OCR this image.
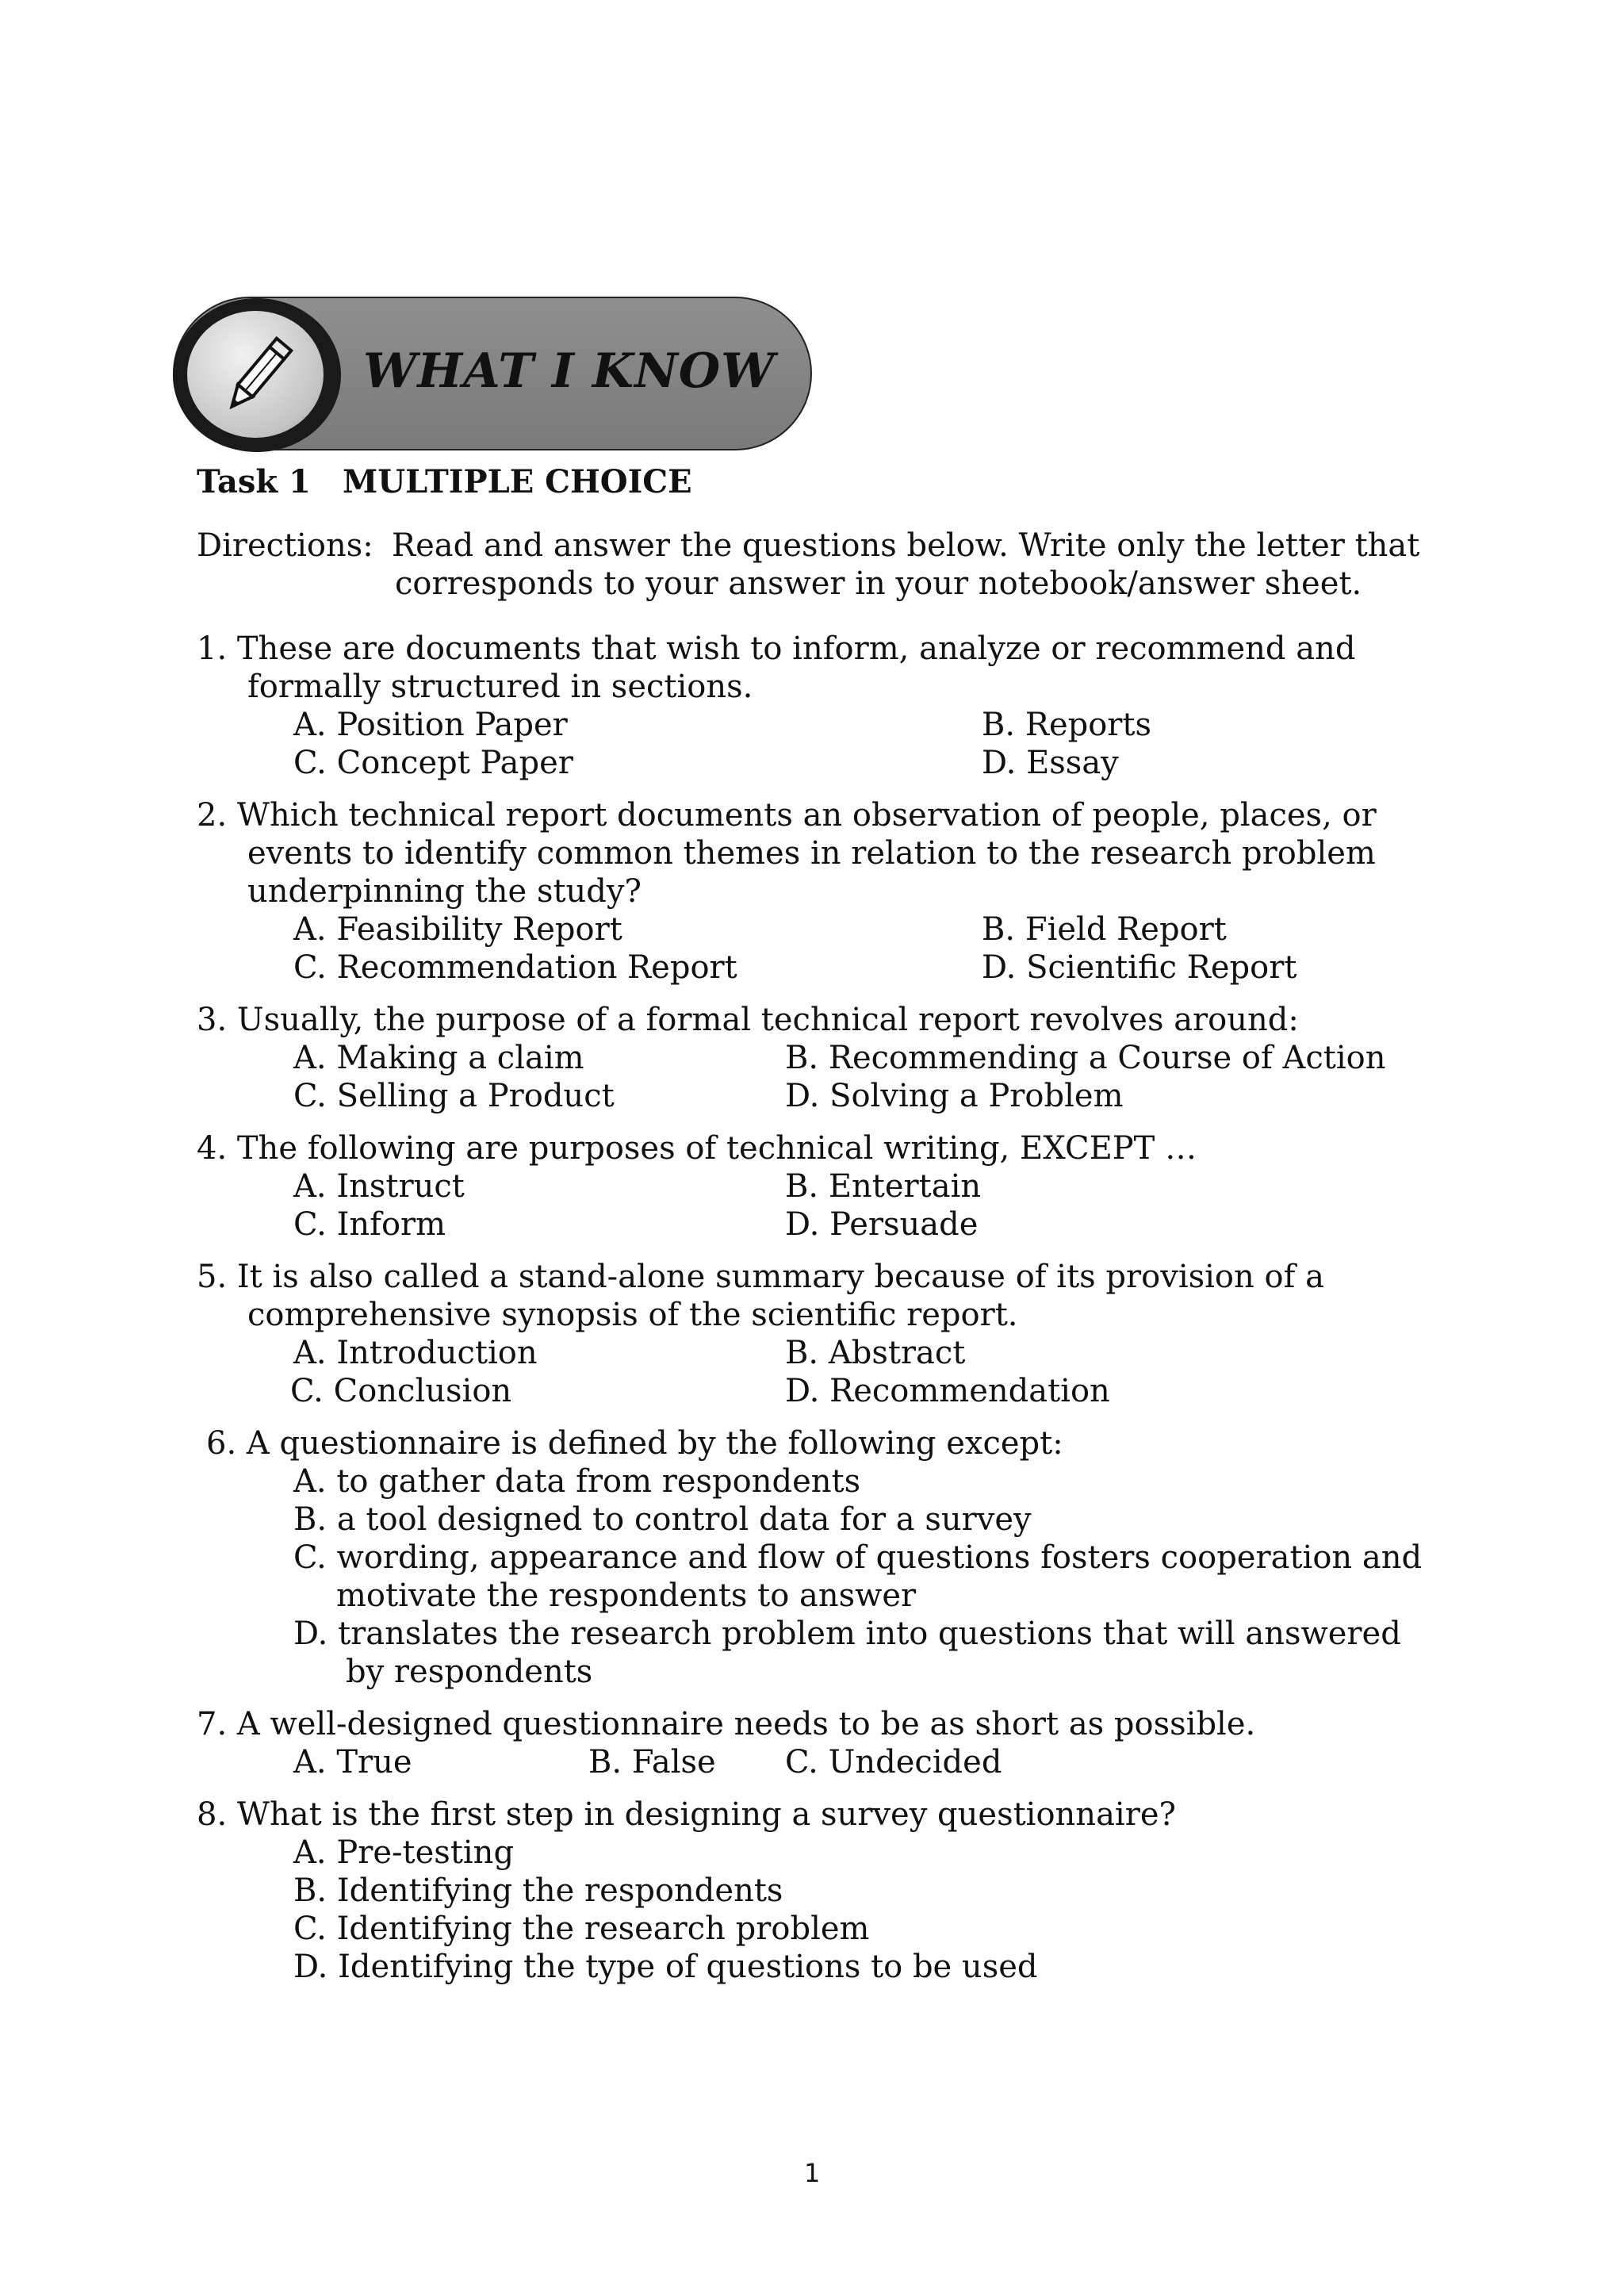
WHAT I KNOW
Task 1 MULTIPLE CHOICE
Directions: Read and answer the questions below. Write only the letter that
corresponds to your answer in your notebook/answer sheet.
1. These are documents that wish to inform, analyze or recommend and
formally structured in sections.
A. Position Paper	B. Reports
C. Concept Paper	D. Essay
2. Which technical report documents an observation of people, places, or
events to identify common themes in relation to the research problem
underpinning the study?
A. Feasibility Report	B. Field Report
C. Recommendation Report	D. Scientific Report
3. Usually, the purpose of a formal technical report revolves around:
A. Making a claim	B. Recommending a Course of Action
C. Selling a Product	D. Solving a Problem
4. The following are purposes of technical writing, EXCEPT …
A. Instruct	B. Entertain
C. Inform	D. Persuade
5. It is also called a stand-alone summary because of its provision of a
comprehensive synopsis of the scientific report.
A. Introduction	B. Abstract
C. Conclusion	D. Recommendation
6. A questionnaire is defined by the following except:
A. to gather data from respondents
B. a tool designed to control data for a survey
C. wording, appearance and flow of questions fosters cooperation and
motivate the respondents to answer
D. translates the research problem into questions that will answered
by respondents
7. A well-designed questionnaire needs to be as short as possible.
A. True	B. False C. Undecided
8. What is the first step in designing a survey questionnaire?
A. Pre-testing
B. Identifying the respondents
C. Identifying the research problem
D. Identifying the type of questions to be used
1
